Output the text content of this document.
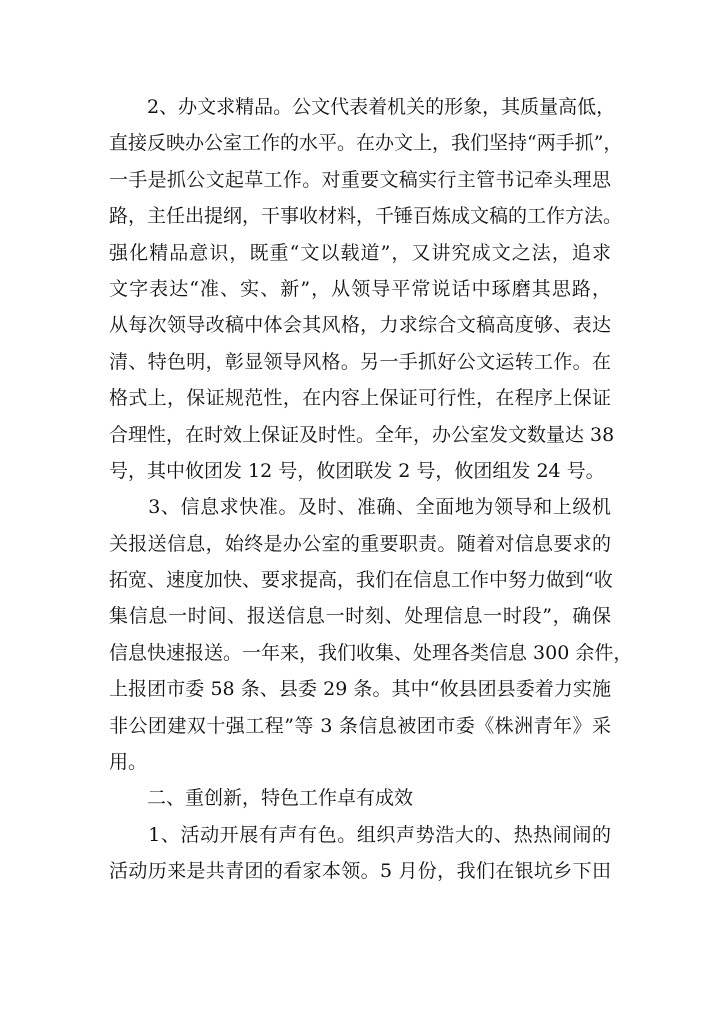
　　2、办文求精品。公文代表着机关的形象，其质量高低，
直接反映办公室工作的水平。在办文上，我们坚持“两手抓”，
一手是抓公文起草工作。对重要文稿实行主管书记牵头理思
路，主任出提纲，干事收材料，千锤百炼成文稿的工作方法。
强化精品意识，既重“文以载道”，又讲究成文之法，追求
文字表达“准、实、新”，从领导平常说话中琢磨其思路，
从每次领导改稿中体会其风格，力求综合文稿高度够、表达
清、特色明，彰显领导风格。另一手抓好公文运转工作。在
格式上，保证规范性，在内容上保证可行性，在程序上保证
合理性，在时效上保证及时性。全年，办公室发文数量达 38
号，其中攸团发 12 号，攸团联发 2 号，攸团组发 24 号。
　　3、信息求快准。及时、准确、全面地为领导和上级机
关报送信息，始终是办公室的重要职责。随着对信息要求的
拓宽、速度加快、要求提高，我们在信息工作中努力做到“收
集信息一时间、报送信息一时刻、处理信息一时段”，确保
信息快速报送。一年来，我们收集、处理各类信息 300 余件，
上报团市委 58 条、县委 29 条。其中“攸县团县委着力实施
非公团建双十强工程”等 3 条信息被团市委《株洲青年》采
用。
　　二、重创新，特色工作卓有成效
　　1、活动开展有声有色。组织声势浩大的、热热闹闹的
活动历来是共青团的看家本领。5 月份，我们在银坑乡下田
